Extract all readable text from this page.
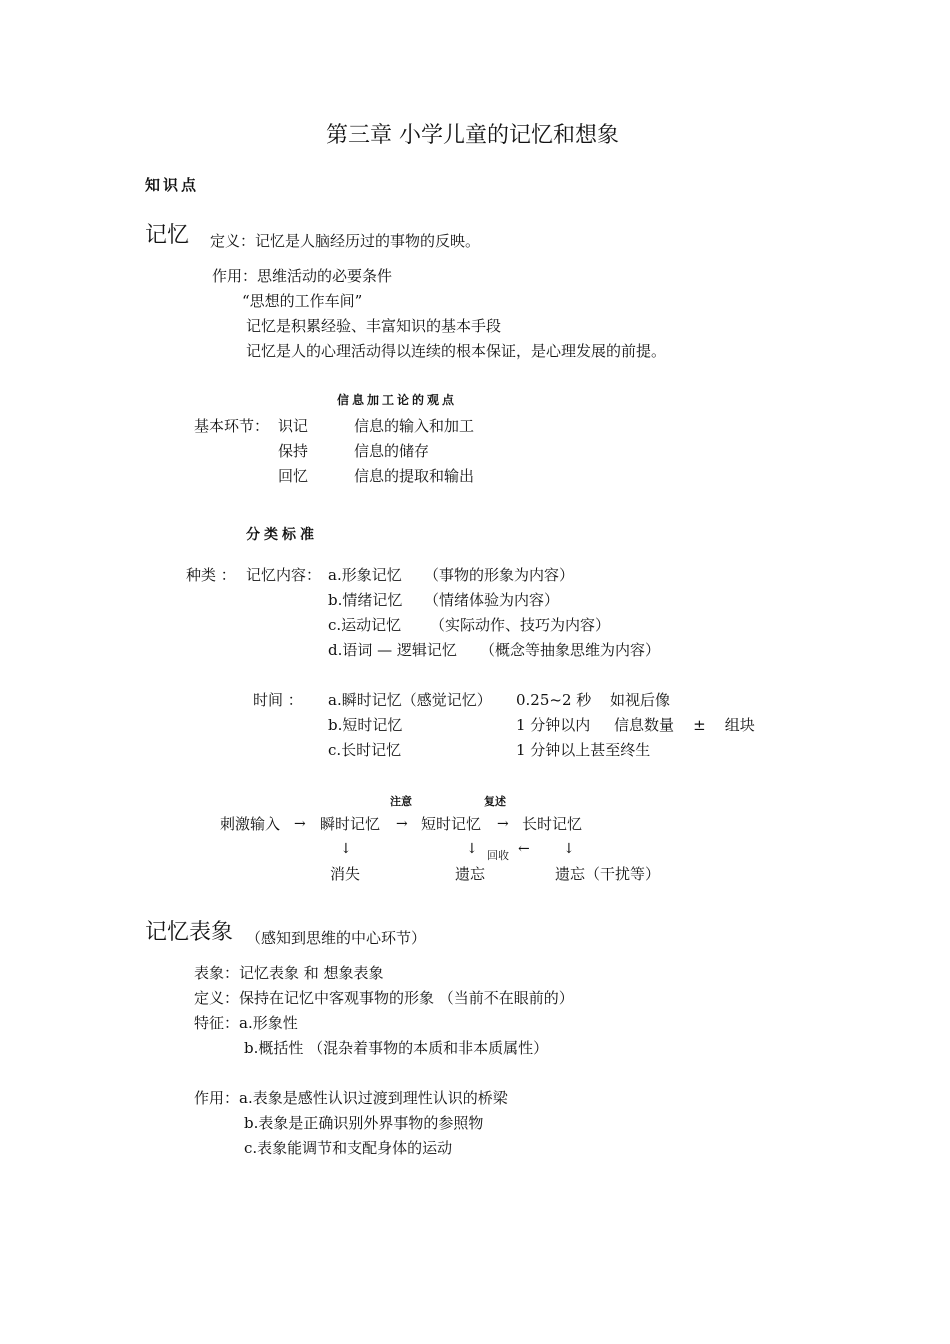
第三章 小学儿童的记忆和想象
知识点
记忆 定义：记忆是人脑经历过的事物的反映。
作用：思维活动的必要条件
“思想的工作车间”
记忆是积累经验、丰富知识的基本手段
记忆是人的心理活动得以连续的根本保证，是心理发展的前提。
信息加工论的观点
基本环节： 识记	信息的输入和加工
保持	信息的储存
回忆	信息的提取和输出
分类标准
种类 ： 记忆内容： a.形象记忆 （事物的形象为内容）
b.情绪记忆 （情绪体验为内容）
c.运动记忆 （实际动作、技巧为内容）
d.语词 — 逻辑记忆 （概念等抽象思维为内容）
时间 ： a.瞬时记忆（感觉记忆） 0.25~2 秒 如视后像
b.短时记忆	1 分钟以内 信息数量    ±    组块
c.长时记忆	1 分钟以上甚至终生
注意	复述
刺激输入 → 瞬时记忆 → 短时记忆 → 长时记忆
↓	↓ 回收 ← ↓
消失	遗忘	遗忘（干扰等）
记忆表象 （感知到思维的中心环节）
表象：记忆表象 和 想象表象
定义：保持在记忆中客观事物的形象 （当前不在眼前的）
特征：a.形象性
b.概括性 （混杂着事物的本质和非本质属性）
作用：a.表象是感性认识过渡到理性认识的桥梁
b.表象是正确识别外界事物的参照物
c.表象能调节和支配身体的运动
